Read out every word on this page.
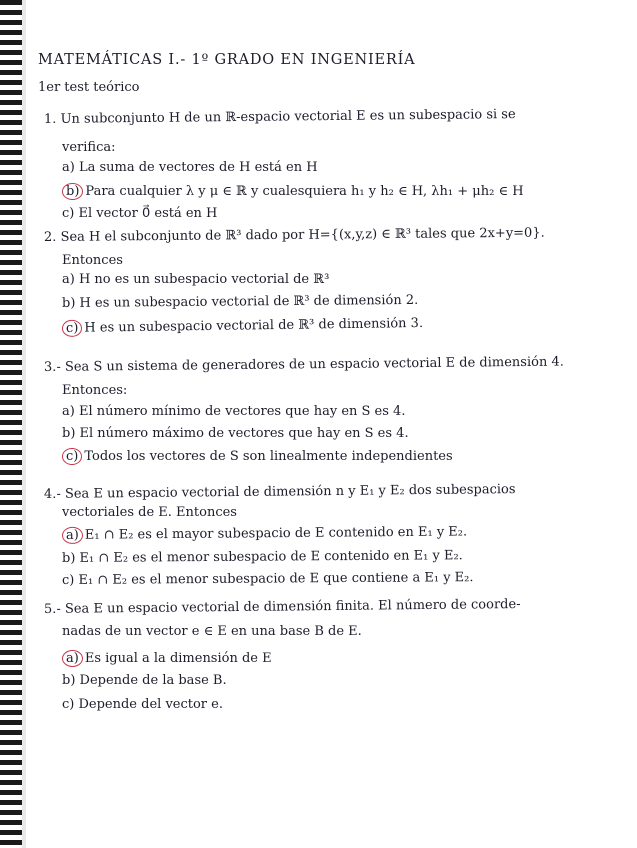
MATEMÁTICAS I.- 1º GRADO EN INGENIERÍA
1er test teórico
1. Un subconjunto H de un ℝ-espacio vectorial E es un subespacio si se
verifica:
a) La suma de vectores de H está en H
b) Para cualquier λ y μ ∈ ℝ y cualesquiera h₁ y h₂ ∈ H, λh₁ + μh₂ ∈ H
c) El vector 0⃗ está en H
2. Sea H el subconjunto de ℝ³ dado por H={(x,y,z) ∈ ℝ³ tales que 2x+y=0}.
Entonces
a) H no es un subespacio vectorial de ℝ³
b) H es un subespacio vectorial de ℝ³ de dimensión 2.
c) H es un subespacio vectorial de ℝ³ de dimensión 3.
3.- Sea S un sistema de generadores de un espacio vectorial E de dimensión 4.
Entonces:
a) El número mínimo de vectores que hay en S es 4.
b) El número máximo de vectores que hay en S es 4.
c) Todos los vectores de S son linealmente independientes
4.- Sea E un espacio vectorial de dimensión n y E₁ y E₂ dos subespacios
vectoriales de E. Entonces
a) E₁ ∩ E₂ es el mayor subespacio de E contenido en E₁ y E₂.
b) E₁ ∩ E₂ es el menor subespacio de E contenido en E₁ y E₂.
c) E₁ ∩ E₂ es el menor subespacio de E que contiene a E₁ y E₂.
5.- Sea E un espacio vectorial de dimensión finita. El número de coorde-
nadas de un vector e ∈ E en una base B de E.
a) Es igual a la dimensión de E
b) Depende de la base B.
c) Depende del vector e.
